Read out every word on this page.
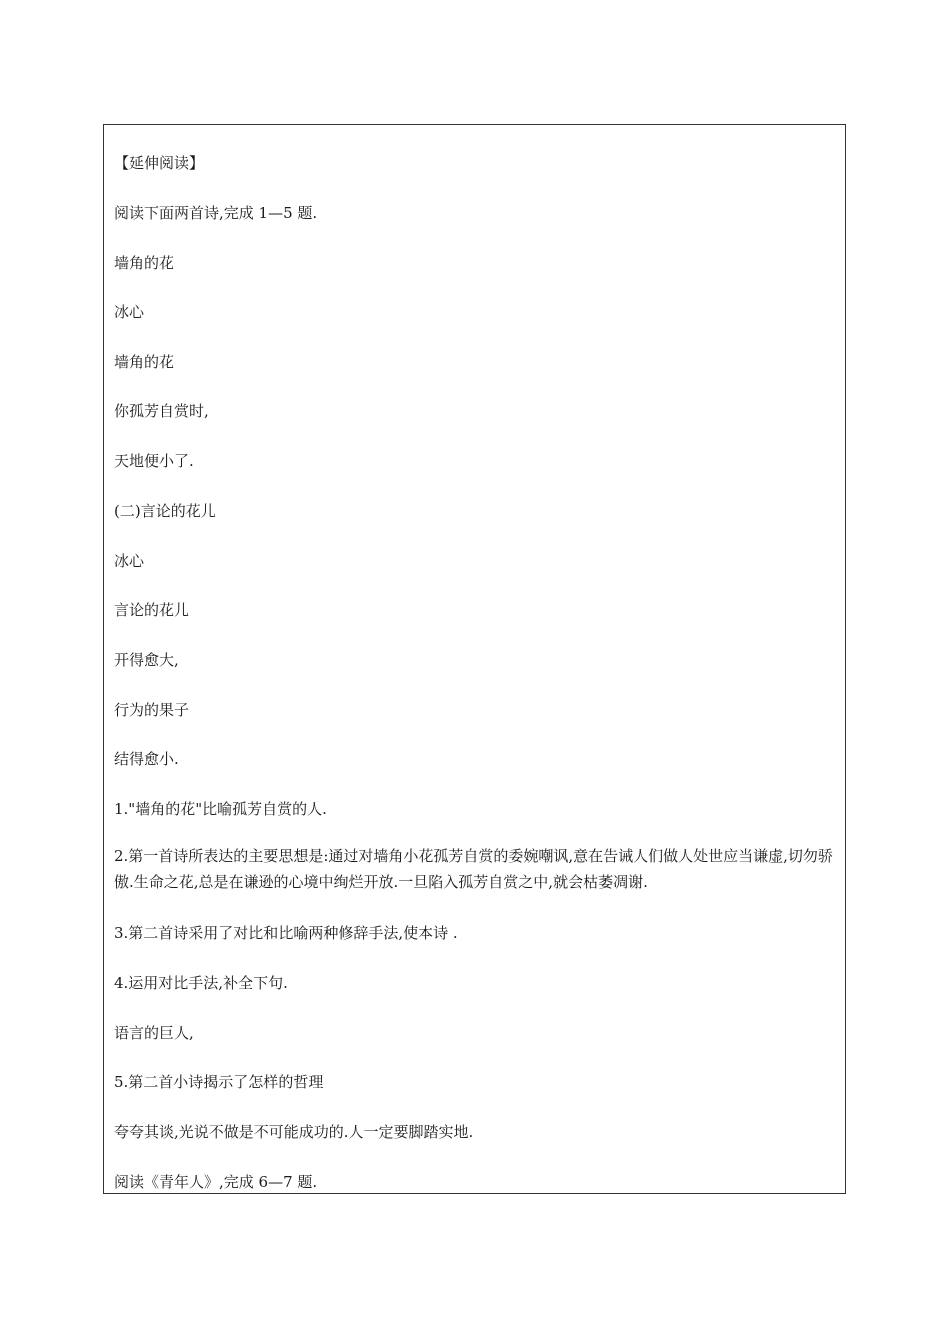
【延伸阅读】
阅读下面两首诗,完成 1—5 题.
墙角的花
冰心
墙角的花
你孤芳自赏时,
天地便小了.
(二)言论的花儿
冰心
言论的花儿
开得愈大,
行为的果子
结得愈小.
1."墙角的花"比喻孤芳自赏的人.
2.第一首诗所表达的主要思想是:通过对墙角小花孤芳自赏的委婉嘲讽,意在告诫人们做人处世应当谦虚,切勿骄傲.生命之花,总是在谦逊的心境中绚烂开放.一旦陷入孤芳自赏之中,就会枯萎凋谢.
3.第二首诗采用了对比和比喻两种修辞手法,使本诗 .
4.运用对比手法,补全下句.
语言的巨人,
5.第二首小诗揭示了怎样的哲理
夸夸其谈,光说不做是不可能成功的.人一定要脚踏实地.
阅读《青年人》,完成 6—7 题.
